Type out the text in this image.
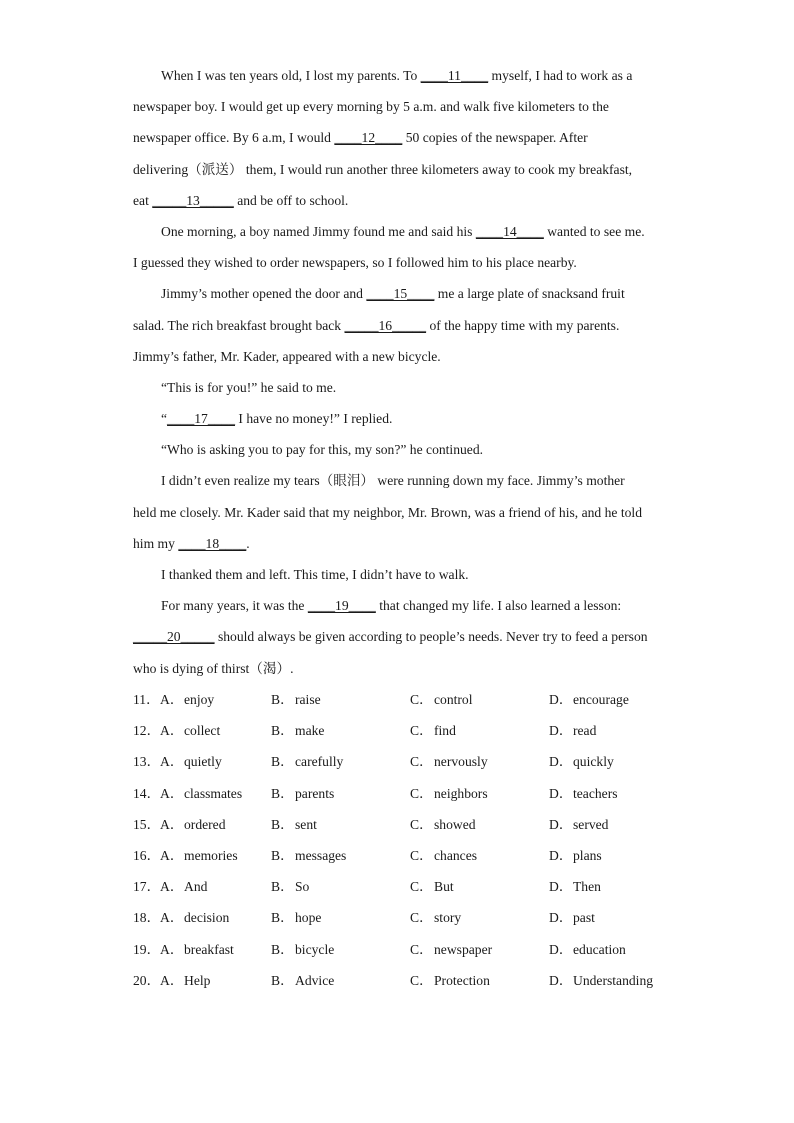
When I was ten years old, I lost my parents. To ____11____ myself, I had to work as a
newspaper boy. I would get up every morning by 5 a.m. and walk five kilometers to the
newspaper office. By 6 a.m, I would ____12____ 50 copies of the newspaper. After
delivering（派送） them, I would run another three kilometers away to cook my breakfast,
eat _____13_____ and be off to school.
One morning, a boy named Jimmy found me and said his ____14____ wanted to see me.
I guessed they wished to order newspapers, so I followed him to his place nearby.
Jimmy’s mother opened the door and ____15____ me a large plate of snacksand fruit
salad. The rich breakfast brought back _____16_____ of the happy time with my parents.
Jimmy’s father, Mr. Kader, appeared with a new bicycle.
“This is for you!” he said to me.
“____17____ I have no money!” I replied.
“Who is asking you to pay for this, my son?” he continued.
I didn’t even realize my tears（眼泪） were running down my face. Jimmy’s mother
held me closely. Mr. Kader said that my neighbor, Mr. Brown, was a friend of his, and he told
him my ____18____.
I thanked them and left. This time, I didn’t have to walk.
For many years, it was the ____19____ that changed my life. I also learned a lesson:
_____20_____ should always be given according to people’s needs. Never try to feed a person
who is dying of thirst（渴）.
11． A．enjoy	B．raise	C．control	D．encourage
12． A．collect	B．make	C．find	D．read
13． A．quietly	B．carefully	C．nervously	D．quickly
14． A．classmates B．parents	C．neighbors	D．teachers
15． A．ordered	B．sent	C．showed	D．served
16． A．memories B．messages	C．chances	D．plans
17． A．And	B．So	C．But	D．Then
18． A．decision	B．hope	C．story	D．past
19． A．breakfast	B．bicycle	C．newspaper	D．education
20． A．Help	B．Advice	C．Protection	D．Understanding
